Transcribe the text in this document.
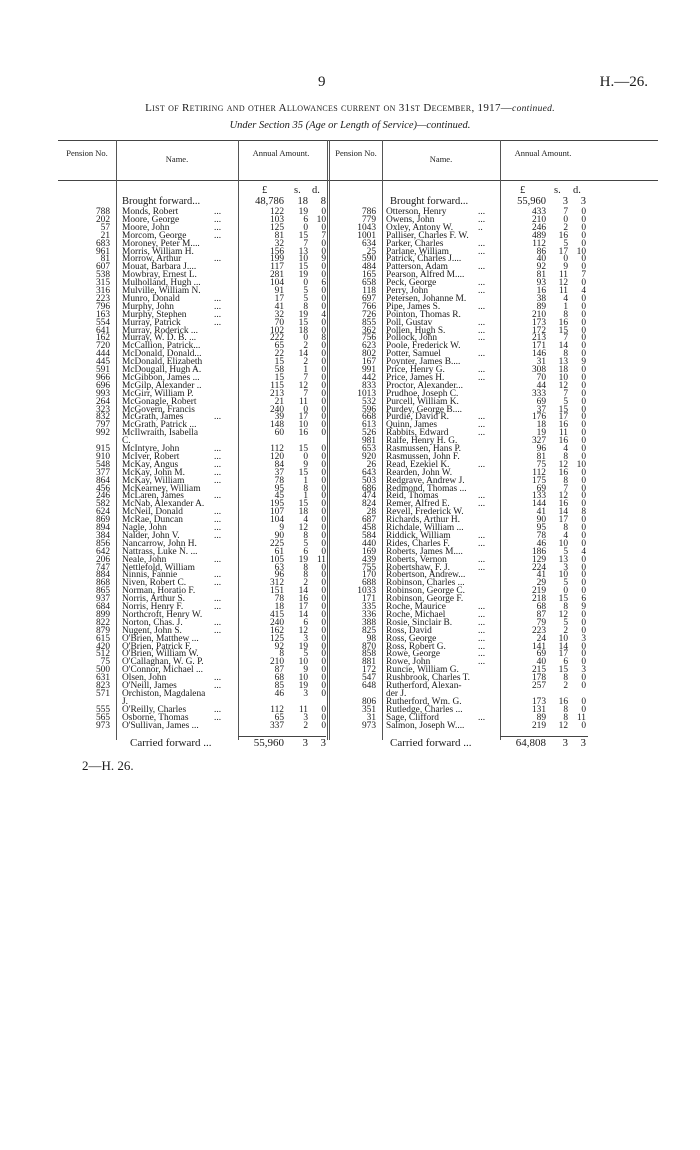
9	H.—26.
List of Retiring and other Allowances current on 31st December, 1917—continued.
Under Section 35 (Age or Length of Service)—continued.
Pension No.
Name.
Annual Amount.	Pension No.
Name.
Annual Amount.
£	s. d.	£	s. d.
Brought forward...	48,786 18 8	Brought forward...	55,960 3 3
788 Monds, Robert	...	122 19 0
202 Moore, George	...	103 6 10
57 Moore, John	...	125 0 0
21 Morcom, George	...	81 15 7
683 Moroney, Peter M....	32 7 0
961 Morris, William H.	156 13 0
81 Morrow, Arthur	...	199 10 9
607 Mouat, Barbara J....	117 15 0
538 Mowbray, Ernest L.	281 19 0
315 Mulholland, Hugh ...	104 0 6
316 Mulville, William N.	91 5 0
223 Munro, Donald	...	17 5 0
796 Murphy, John	...	41 8 0
163 Murphy, Stephen	...	32 19 4
554 Murray, Patrick	...	70 15 0
641 Murray, Roderick ...	102 18 0
162 Murray, W. D. B. ...	222 0 8
720 McCallion, Patrick...	65 2 0
444 McDonald, Donald...	22 14 0
445 McDonald, Elizabeth	15 2 0
591 McDougall, Hugh A.	58 1 0
966 McGibbon, James ...	15 7 0
696 McGilp, Alexander ..	115 12 0
993 McGirr, William P.	213 7 0
264 McGonagle, Robert	21 11 0
323 McGovern, Francis	240 0 0
832 McGrath, James	...	39 17 0
797 McGrath, Patrick ...	148 10 0
992 McIlwraith, Isabella	60 16 0
C.
915 McIntyre, John	...	112 15 0
910 McIver, Robert	...	120 0 0
548 McKay, Angus	...	84 9 0
377 McKay, John M.	...	37 15 0
864 McKay, William	...	78 1 0
456 McKearney, William	95 8 0
246 McLaren, James	...	45 1 0
582 McNab, Alexander A.	195 15 0
624 McNeil, Donald	...	107 18 0
869 McRae, Duncan	...	104 4 0
894 Nagle, John	...	9 12 0
384 Nalder, John V.	...	90 8 0
856 Nancarrow, John H.	225 5 0
642 Nattrass, Luke N. ...	61 6 0
206 Neale, John	...	105 19 11
747 Nettlefold, William	63 8 0
884 Ninnis, Fannie	...	96 8 0
868 Niven, Robert C.	...	312 2 0
865 Norman, Horatio F.	151 14 0
937 Norris, Arthur S.	...	78 16 0
684 Norris, Henry F.	...	18 17 0
899 Northcroft, Henry W.	415 14 0
822 Norton, Chas. J.	...	240 6 0
879 Nugent, John S.	...	162 12 0
615 O'Brien, Matthew ...	125 3 0
420 O'Brien, Patrick F.	92 19 0
512 O'Brien, William W.	8 5 0
75 O'Callaghan, W. G. P.	210 10 0
500 O'Connor, Michael ...	87 9 0
631 Olsen, John	...	68 10 0
823 O'Neill, James	...	85 19 0
571 Orchiston, Magdalena	46 3 0
J.
555 O'Reilly, Charles	...	112 11 0
565 Osborne, Thomas	...	65 3 0
973 O'Sullivan, James ...	337 2 0
786 Otterson, Henry	...	433 7 0
779 Owens, John	...	210 0 0
1043 Oxley, Antony W.	..	246 2 0
1001 Palliser, Charles F. W.	489 16 0
634 Parker, Charles	...	112 5 0
25 Parlane, William	...	86 17 10
590 Patrick, Charles J....	40 0 0
484 Patterson, Adam	...	92 9 0
165 Pearson, Alfred M....	81 11 7
658 Peck, George	...	93 12 0
118 Perry, John	...	16 11 4
697 Petersen, Johanne M.	38 4 0
766 Pipe, James S.	...	89 1 0
726 Pointon, Thomas R.	210 8 0
855 Poll, Gustav	...	173 16 0
362 Pollen, Hugh S.	...	172 15 0
756 Pollock, John	...	213 7 0
623 Poole, Frederick W.	171 14 0
802 Potter, Samuel	...	146 8 0
167 Poynter, James B....	31 13 9
991 Price, Henry G.	...	308 18 0
442 Price, James H.	...	70 10 0
833 Proctor, Alexander...	44 12 0
1013 Prudhoe, Joseph C.	333 7 0
532 Purcell, William K.	69 5 0
596 Purdey, George B....	37 15 0
668 Purdie, David R.	...	176 17 0
613 Quinn, James	...	18 16 0
526 Rabbits, Edward	...	19 11 0
981 Ralfe, Henry H. G.	327 16 0
653 Rasmussen, Hans P.	96 4 0
920 Rasmussen, John F.	81 8 0
26 Read, Ezekiel K.	...	75 12 10
643 Rearden, John W.	112 16 0
503 Redgrave, Andrew J.	175 8 0
686 Redmond, Thomas ...	69 7 0
474 Reid, Thomas	...	133 12 0
824 Remer, Alfred E.	...	144 16 0
28 Revell, Frederick W.	41 14 8
687 Richards, Arthur H.	90 17 0
458 Richdale, William ...	95 8 0
584 Riddick, William	...	78 4 0
440 Rides, Charles F.	...	46 10 0
169 Roberts, James M....	186 5 4
439 Roberts, Vernon	...	129 13 0
755 Robertshaw, F. J.	...	224 3 0
170 Robertson, Andrew...	41 10 0
688 Robinson, Charles ...	29 5 0
1033 Robinson, George C.	219 0 0
171 Robinson, George F.	218 15 6
335 Roche, Maurice	...	68 8 9
336 Roche, Michael	...	87 12 0
388 Rosie, Sinclair B.	...	79 5 0
825 Ross, David	...	223 2 0
98 Ross, George	...	24 10 3
870 Ross, Robert G.	...	141 14 0
858 Rowe, George	...	69 17 0
881 Rowe, John	...	40 6 0
172 Runcie, William G.	215 15 3
547 Rushbrook, Charles T.	178 8 0
648 Rutherford, Alexan-	257 2 0
der J.
806 Rutherford, Wm. G.	173 16 0
351 Rutledge, Charles ...	131 8 0
31 Sage, Clifford	...	89 8 11
973 Salmon, Joseph W....	219 12 0
Carried forward ...	55,960 3 3	Carried forward ...	64,808 3 3
2—H. 26.
